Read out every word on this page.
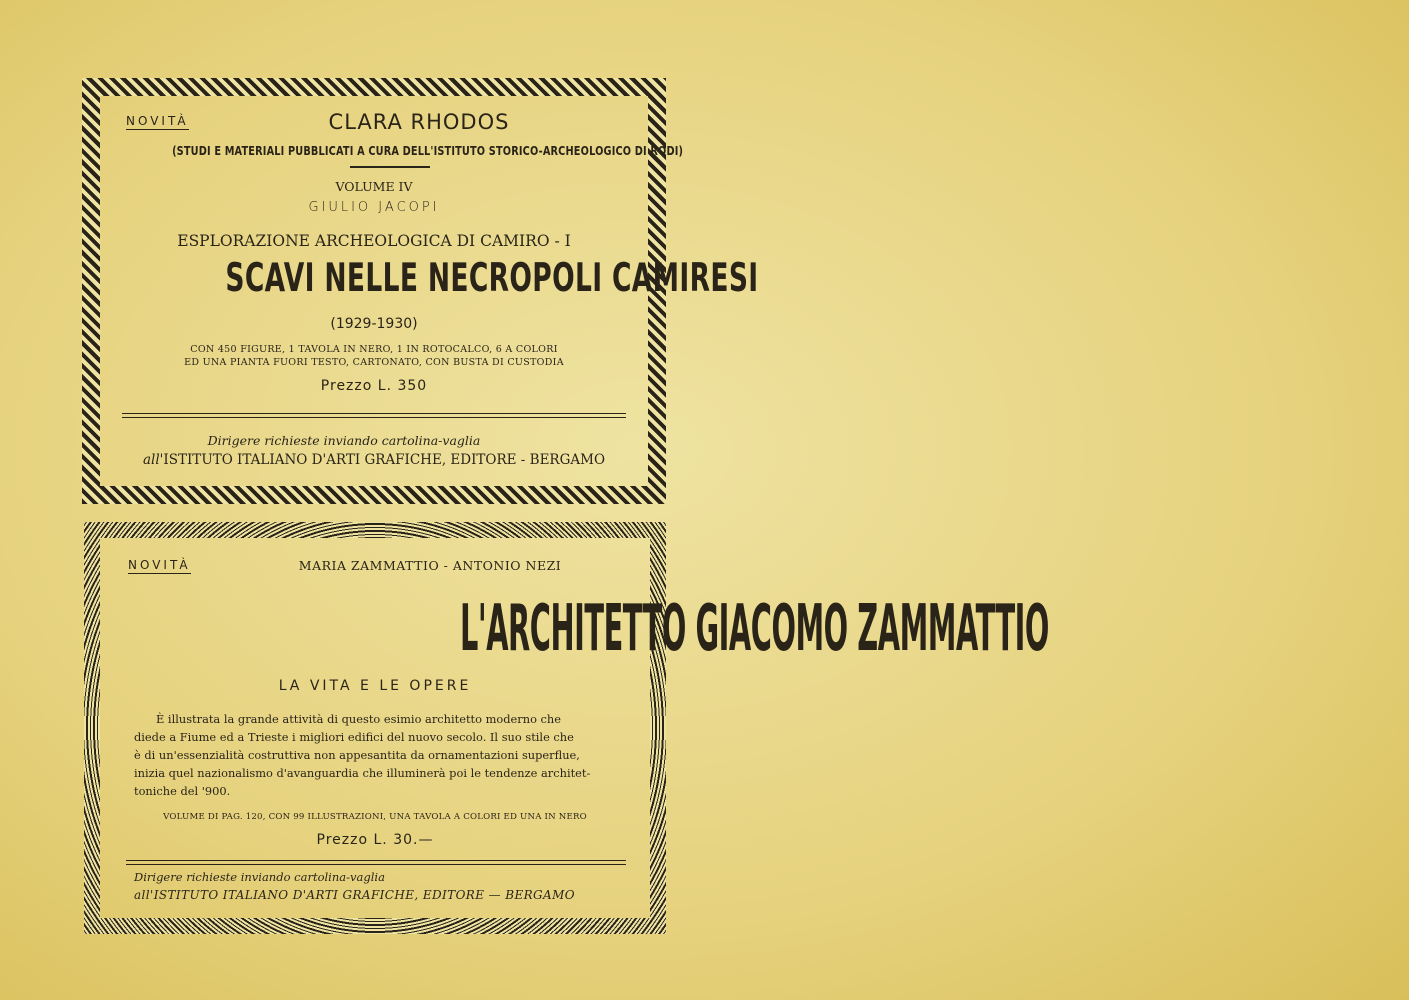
NOVITÀ	CLARA RHODOS
(STUDI E MATERIALI PUBBLICATI A CURA DELL'ISTITUTO STORICO-ARCHEOLOGICO DI RODI)
VOLUME IV
GIULIO JACOPI
ESPLORAZIONE ARCHEOLOGICA DI CAMIRO - I
SCAVI NELLE NECROPOLI CAMIRESI
(1929-1930)
CON 450 FIGURE, 1 TAVOLA IN NERO, 1 IN ROTOCALCO, 6 A COLORI
ED UNA PIANTA FUORI TESTO, CARTONATO, CON BUSTA DI CUSTODIA
Prezzo L. 350
Dirigere richieste inviando cartolina-vaglia
all'ISTITUTO ITALIANO D'ARTI GRAFICHE, EDITORE - BERGAMO
NOVITÀ	MARIA ZAMMATTIO - ANTONIO NEZI
L'ARCHITETTO GIACOMO ZAMMATTIO
LA VITA E LE OPERE
È illustrata la grande attività di questo esimio architetto moderno che
diede a Fiume ed a Trieste i migliori edifici del nuovo secolo. Il suo stile che
è di un'essenzialità costruttiva non appesantita da ornamentazioni superflue,
inizia quel nazionalismo d'avanguardia che illuminerà poi le tendenze architet-
toniche del '900.
VOLUME DI PAG. 120, CON 99 ILLUSTRAZIONI, UNA TAVOLA A COLORI ED UNA IN NERO
Prezzo L. 30.—
Dirigere richieste inviando cartolina-vaglia
all'ISTITUTO ITALIANO D'ARTI GRAFICHE, EDITORE — BERGAMO
